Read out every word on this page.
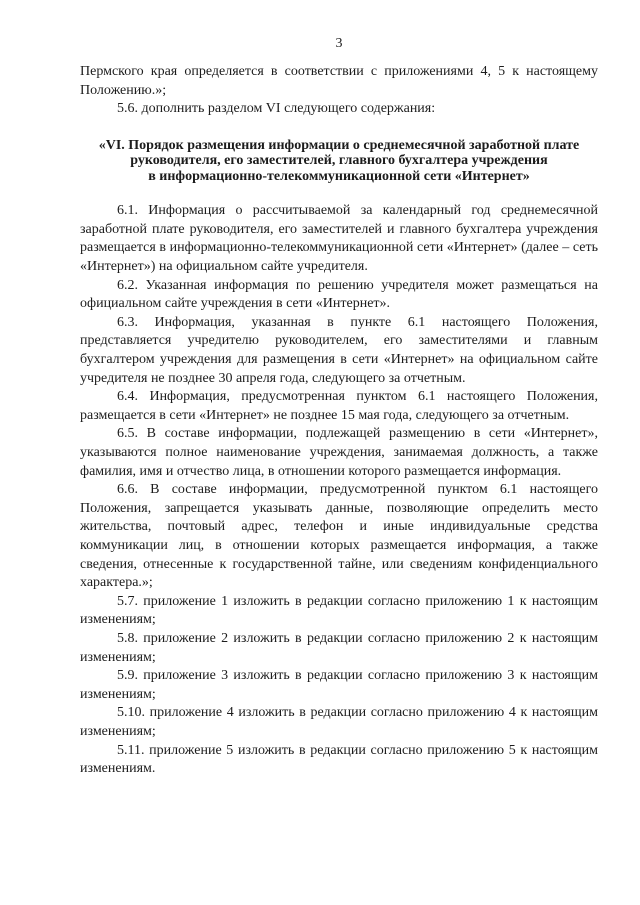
3

Пермского края определяется в соответствии с приложениями 4, 5 к настоящему Положению.»;

5.6. дополнить разделом VI следующего содержания:

«VI. Порядок размещения информации о среднемесячной заработной плате

руководителя, его заместителей, главного бухгалтера учреждения

в информационно-телекоммуникационной сети «Интернет»

6.1. Информация о рассчитываемой за календарный год среднемесячной заработной плате руководителя, его заместителей и главного бухгалтера учреждения размещается в информационно-телекоммуникационной сети «Интернет» (далее – сеть «Интернет») на официальном сайте учредителя.

6.2. Указанная информация по решению учредителя может размещаться на официальном сайте учреждения в сети «Интернет».

6.3. Информация, указанная в пункте 6.1 настоящего Положения, представляется учредителю руководителем, его заместителями и главным бухгалтером учреждения для размещения в сети «Интернет» на официальном сайте учредителя не позднее 30 апреля года, следующего за отчетным.

6.4. Информация, предусмотренная пунктом 6.1 настоящего Положения, размещается в сети «Интернет» не позднее 15 мая года, следующего за отчетным.

6.5. В составе информации, подлежащей размещению в сети «Интернет», указываются полное наименование учреждения, занимаемая должность, а также фамилия, имя и отчество лица, в отношении которого размещается информация.

6.6. В составе информации, предусмотренной пунктом 6.1 настоящего Положения, запрещается указывать данные, позволяющие определить место жительства, почтовый адрес, телефон и иные индивидуальные средства коммуникации лиц, в отношении которых размещается информация, а также сведения, отнесенные к государственной тайне, или сведениям конфиденциального характера.»;

5.7. приложение 1 изложить в редакции согласно приложению 1 к настоящим изменениям;

5.8. приложение 2 изложить в редакции согласно приложению 2 к настоящим изменениям;

5.9. приложение 3 изложить в редакции согласно приложению 3 к настоящим изменениям;

5.10. приложение 4 изложить в редакции согласно приложению 4 к настоящим изменениям;

5.11. приложение 5 изложить в редакции согласно приложению 5 к настоящим изменениям.
